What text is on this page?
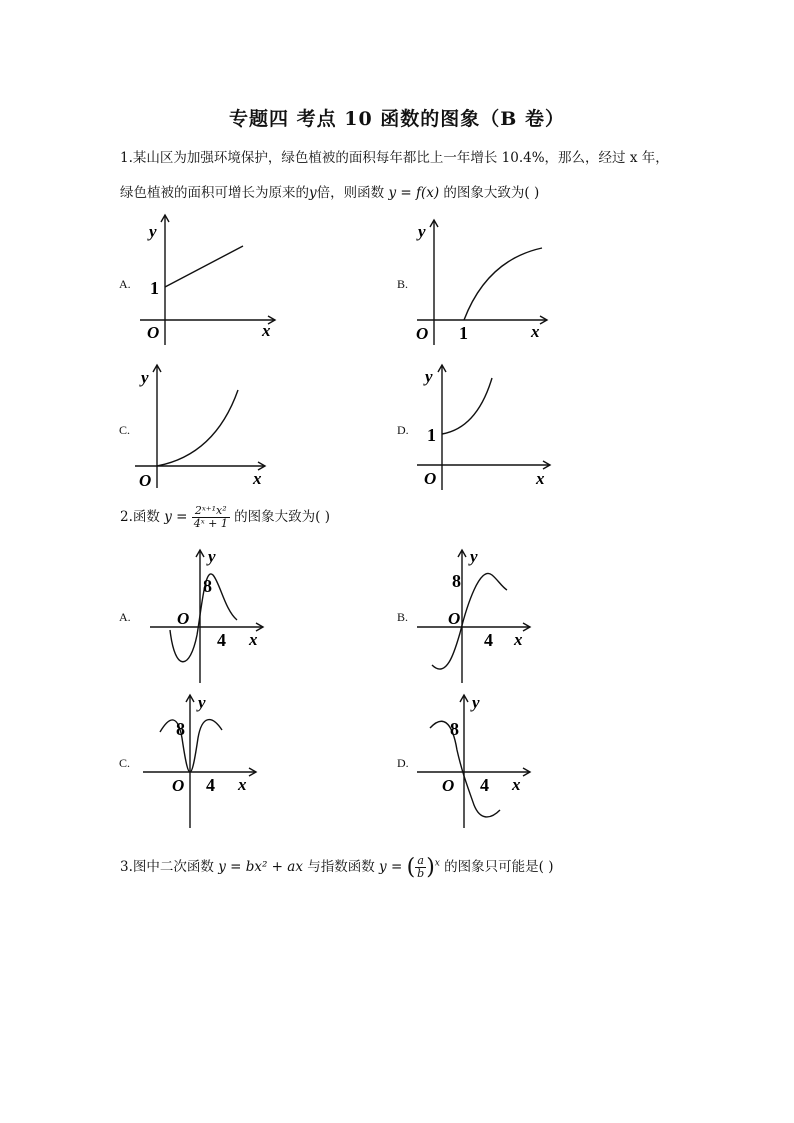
专题四 考点 10 函数的图象（B 卷）
1.某山区为加强环境保护，绿色植被的面积每年都比上一年增长 10.4%，那么，经过 x 年，
绿色植被的面积可增长为原来的y倍，则函数 y = f(x) 的图象大致为( )
A.	B.
C.	D.
y
x
O
1
y
x
O 1
y
x
O
y
x
O
1
2.函数 $y = \frac{\text{2ˣ⁺¹x²}}{\text{4ˣ + 1}}$ 的图象大致为( )
A.	B.
C.	D.
y
8
O
4 x
y
8
O
4 x
y
8
O 4 x
y
8
O 4 x
3.图中二次函数 y = bx² + ax 与指数函数 y = ( $\frac{a}{b} )^x$ 的图象只可能是( )
